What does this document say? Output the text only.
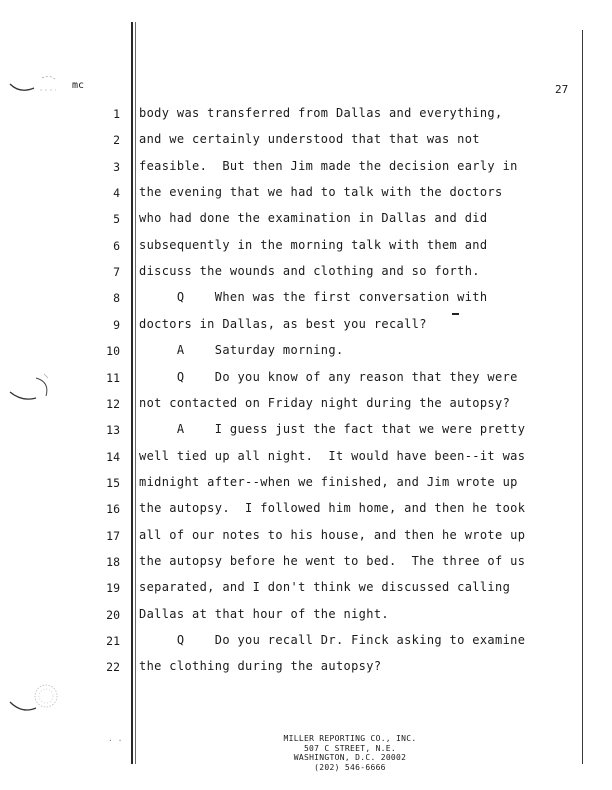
mc	27
1 body was transferred from Dallas and everything,
2 and we certainly understood that that was not
3 feasible.  But then Jim made the decision early in
4 the evening that we had to talk with the doctors
5 who had done the examination in Dallas and did
6 subsequently in the morning talk with them and
7 discuss the wounds and clothing and so forth.
8 Q    When was the first conversation with
9 doctors in Dallas, as best you recall?
10 A    Saturday morning.
11 Q    Do you know of any reason that they were
12 not contacted on Friday night during the autopsy?
13 A    I guess just the fact that we were pretty
14 well tied up all night.  It would have been--it was
15 midnight after--when we finished, and Jim wrote up
16 the autopsy.  I followed him home, and then he took
17 all of our notes to his house, and then he wrote up
18 the autopsy before he went to bed.  The three of us
19 separated, and I don't think we discussed calling
20 Dallas at that hour of the night.
21 Q    Do you recall Dr. Finck asking to examine
22 the clothing during the autopsy?
· ·	MILLER REPORTING CO., INC.
507 C STREET, N.E.
WASHINGTON, D.C. 20002
(202) 546-6666
